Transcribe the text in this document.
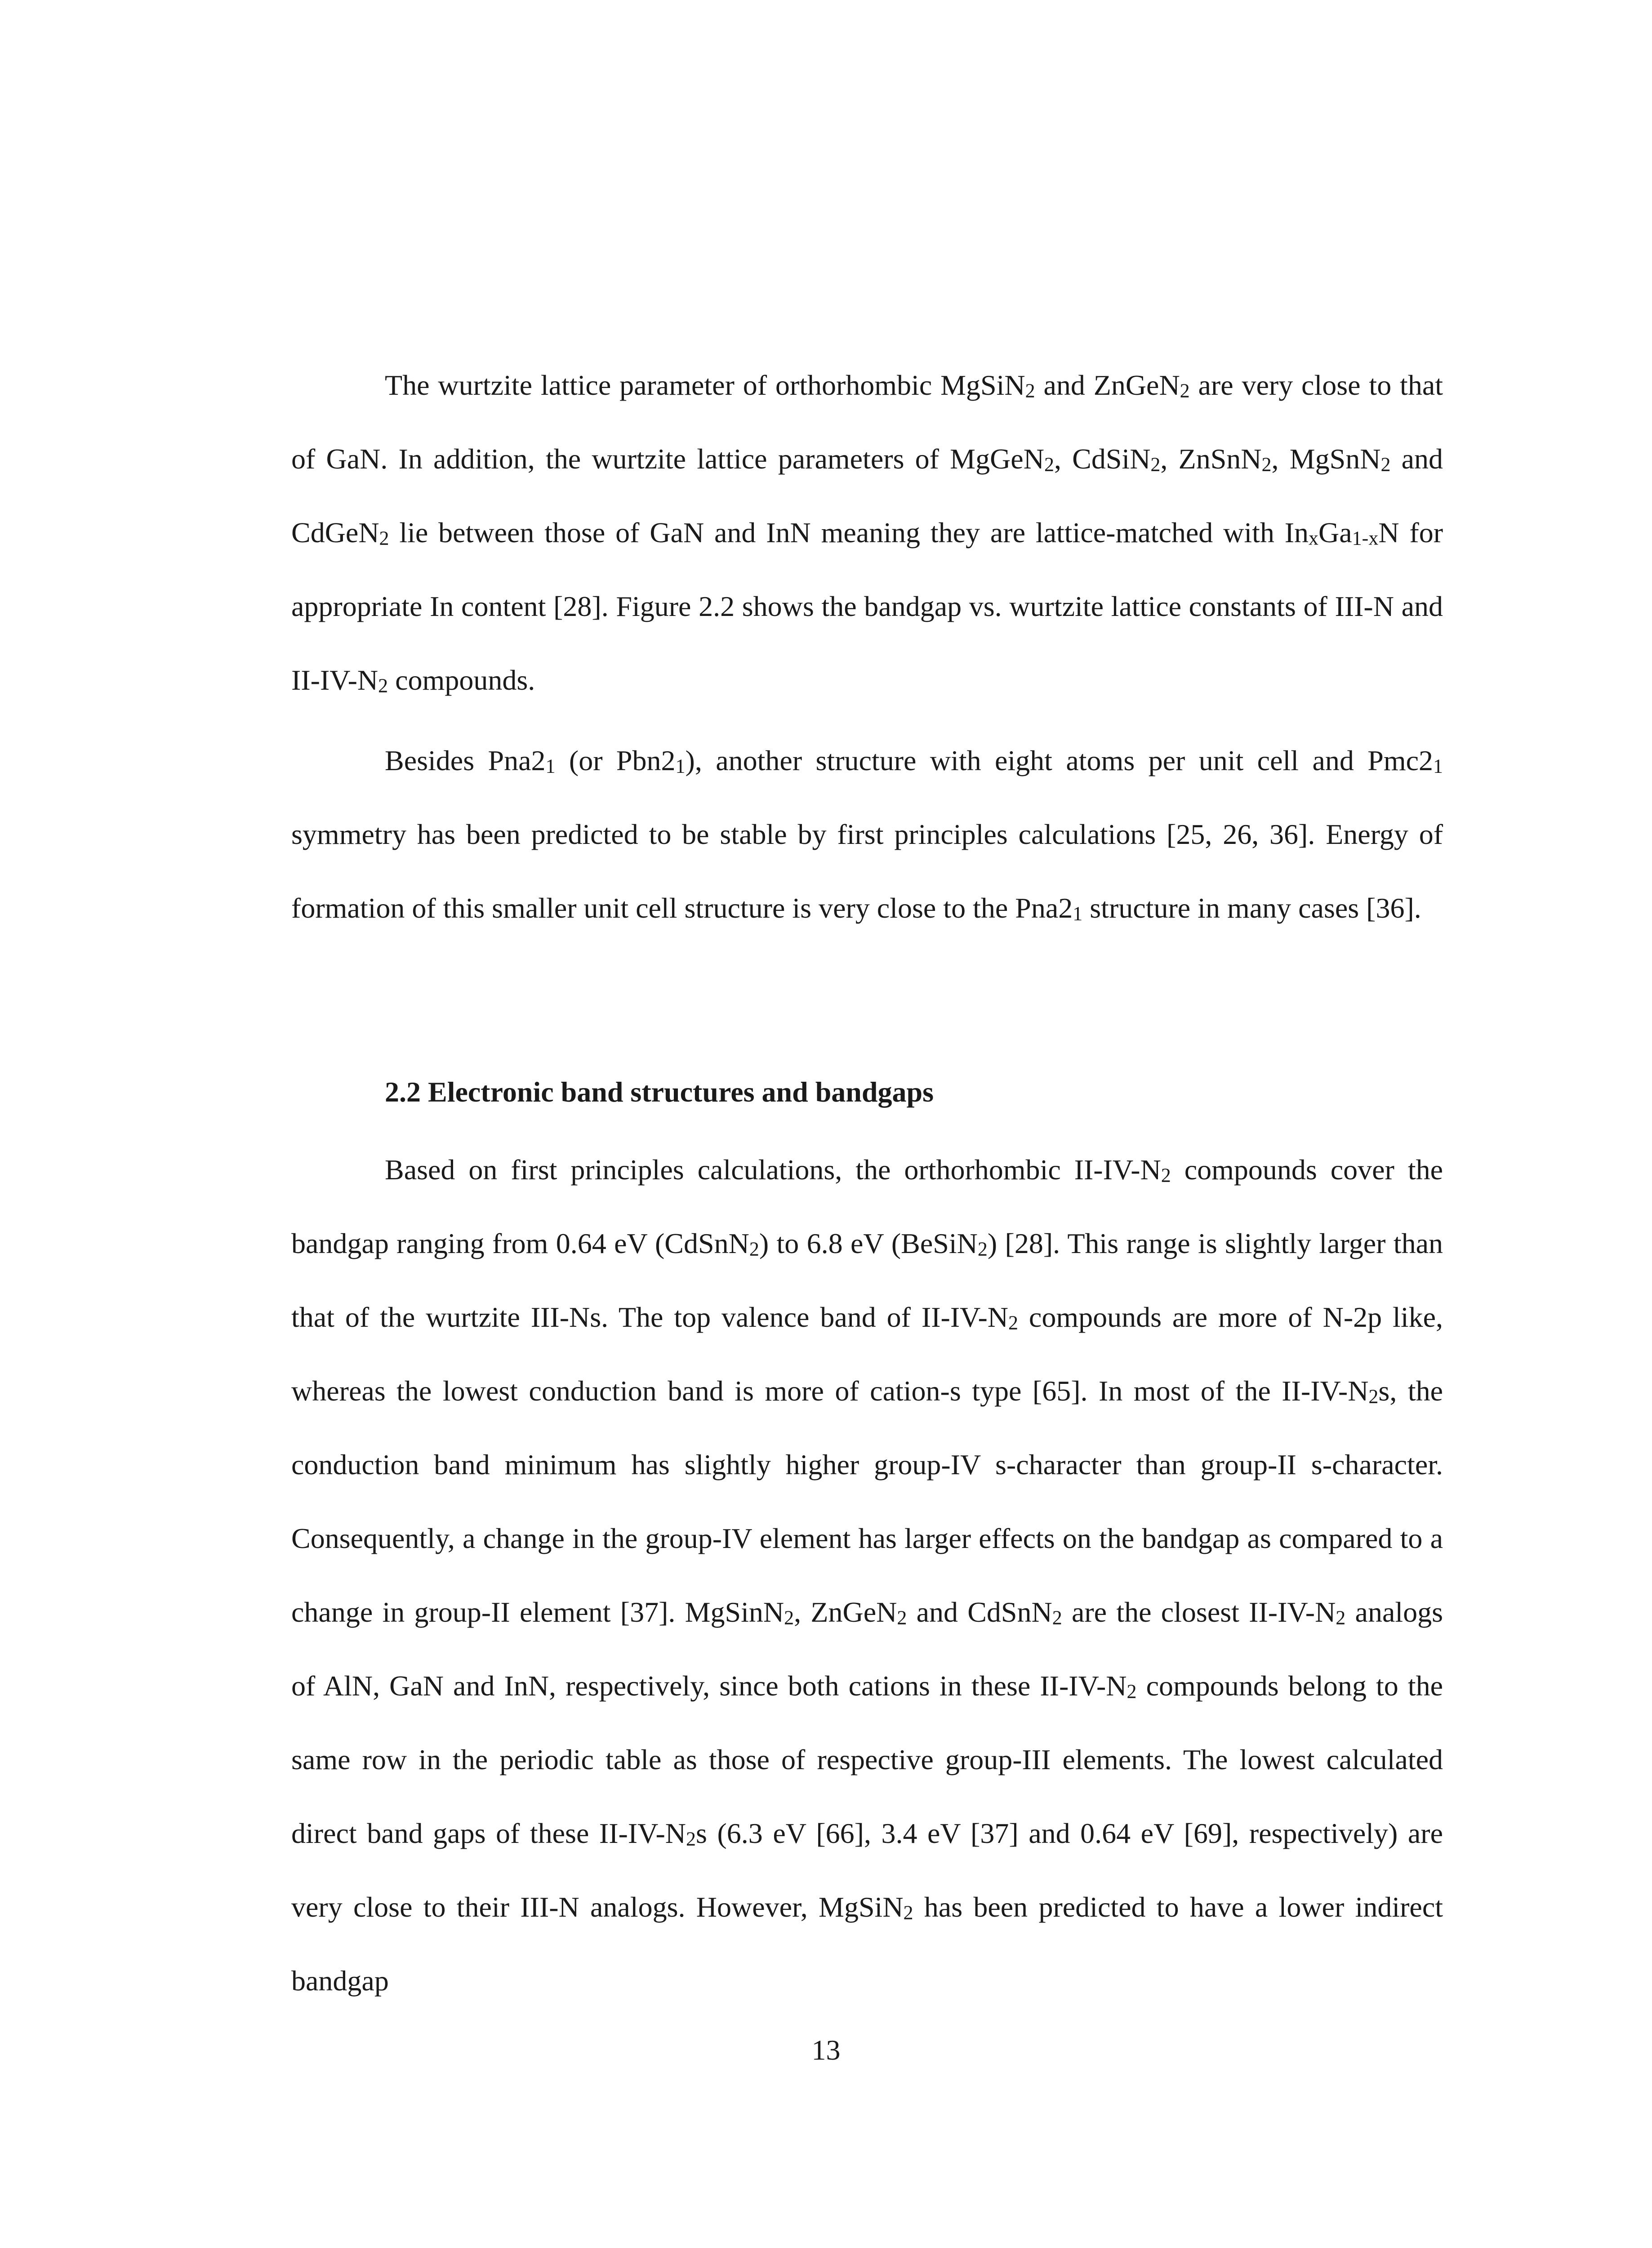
The wurtzite lattice parameter of orthorhombic MgSiN$_2$ and ZnGeN$_2$ are very close to that of GaN. In addition, the wurtzite lattice parameters of MgGeN$_2$, CdSiN$_2$, ZnSnN$_2$, MgSnN$_2$ and CdGeN$_2$ lie between those of GaN and InN meaning they are lattice-matched with $In_xGa_{1-x}N$ for appropriate In content [28]. Figure 2.2 shows the bandgap vs. wurtzite lattice constants of III-N and $II-IV-N_2$ compounds.

Besides $Pna2_1$ (or $Pbn2_1$), another structure with eight atoms per unit cell and $Pmc2_1$ symmetry has been predicted to be stable by first principles calculations [25, 26, 36]. Energy of formation of this smaller unit cell structure is very close to the $Pna2_1$ structure in many cases [36].

2.2 Electronic band structures and bandgaps

Based on first principles calculations, the orthorhombic $II-IV-N_2$ compounds cover the bandgap ranging from 0.64 eV (CdSnN$_2$) to 6.8 eV (BeSiN$_2$) [28]. This range is slightly larger than that of the wurtzite III-Ns. The top valence band of $II-IV-N_2$ compounds are more of N-2p like, whereas the lowest conduction band is more of cation-s type [65]. In most of the $II-IV-N_2s$, the conduction band minimum has slightly higher group-IV s-character than group-II s-character. Consequently, a change in the group-IV element has larger effects on the bandgap as compared to a change in group-II element [37]. MgSinN$_2$, ZnGeN$_2$ and CdSnN$_2$ are the closest $II-IV-N_2$ analogs of AlN, GaN and InN, respectively, since both cations in these $II-IV-N_2$ compounds belong to the same row in the periodic table as those of respective group-III elements. The lowest calculated direct band gaps of these $II-IV-N_2s$ (6.3 eV [66], 3.4 eV [37] and 0.64 eV [69], respectively) are very close to their III-N analogs. However, MgSiN$_2$ has been predicted to have a lower indirect bandgap

13
